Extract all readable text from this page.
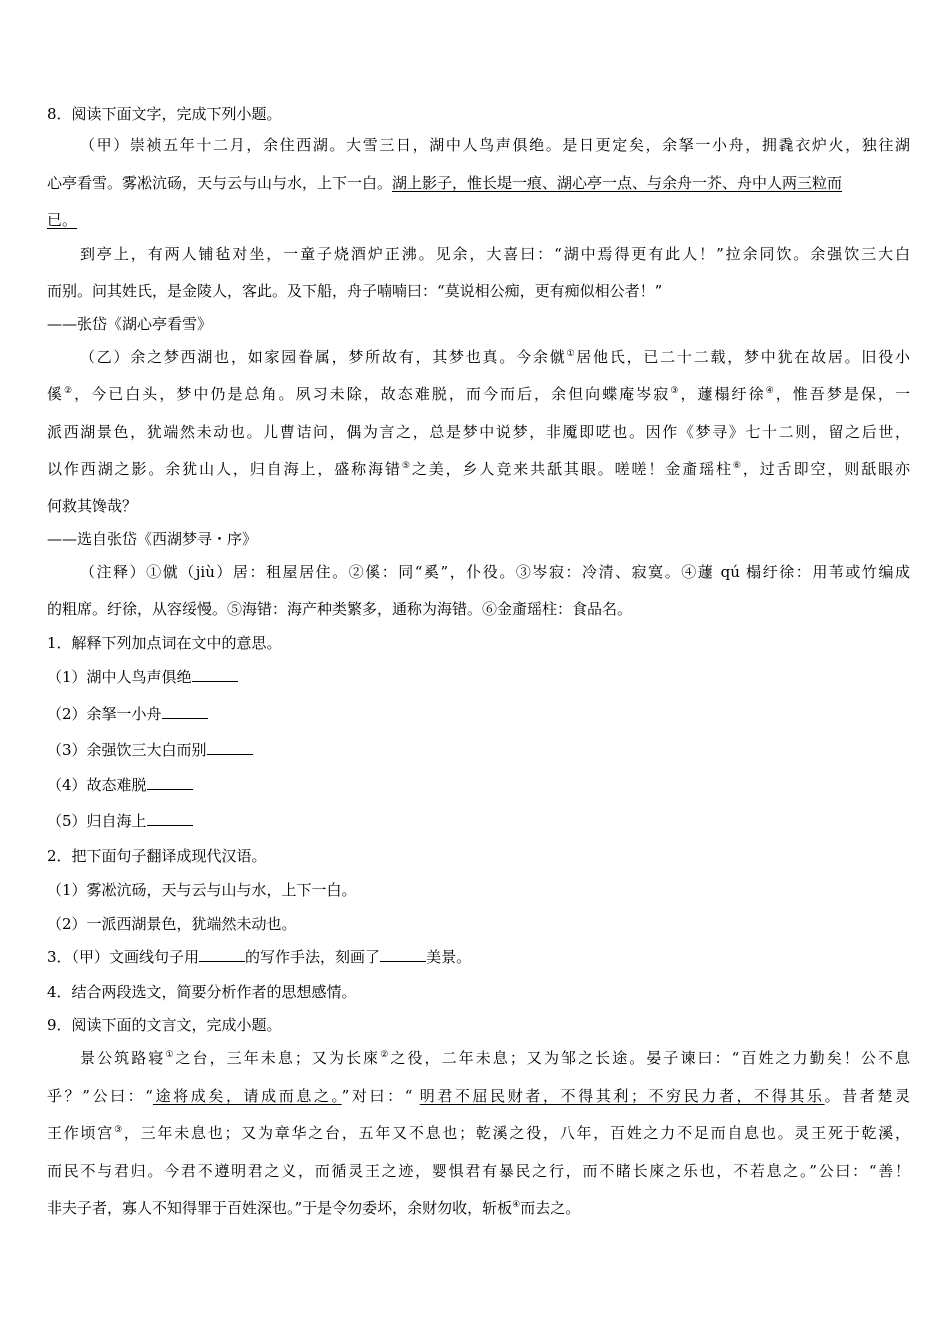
8．阅读下面文字，完成下列小题。
（甲）崇祯五年十二月，余住西湖。大雪三日，湖中人鸟声俱绝。是日更定矣，余拏一小舟，拥毳衣炉火，独往湖
心亭看雪。雾凇沆砀，天与云与山与水，上下一白。湖上影子，惟长堤一痕、湖心亭一点、与余舟一芥、舟中人两三粒而
已。
到亭上，有两人铺毡对坐，一童子烧酒炉正沸。见余，大喜曰：“湖中焉得更有此人！”拉余同饮。余强饮三大白
而别。问其姓氏，是金陵人，客此。及下船，舟子喃喃曰：“莫说相公痴，更有痴似相公者！”
——张岱《湖心亭看雪》
（乙）余之梦西湖也，如家园眷属，梦所故有，其梦也真。今余僦①居他氏，已二十二载，梦中犹在故居。旧役小
傒②，今已白头，梦中仍是总角。夙习未除，故态难脱，而今而后，余但向蝶庵岑寂③，蘧榻纡徐④，惟吾梦是保，一
派西湖景色，犹端然未动也。儿曹诘问，偶为言之，总是梦中说梦，非魇即呓也。因作《梦寻》七十二则，留之后世，
以作西湖之影。余犹山人，归自海上，盛称海错⑤之美，乡人竞来共舐其眼。嗟嗟！金齑瑶柱⑥，过舌即空，则舐眼亦
何救其馋哉？
——选自张岱《西湖梦寻・序》
（注释）①僦（jiù）居：租屋居住。②傒：同“奚”，仆役。③岑寂：冷清、寂寞。④蘧 qú 榻纡徐：用苇或竹编成
的粗席。纡徐，从容绥慢。⑤海错：海产种类繁多，通称为海错。⑥金齑瑶柱：食品名。
1．解释下列加点词在文中的意思。
（1）湖中人鸟声俱绝
（2）余拏一小舟
（3）余强饮三大白而别
（4）故态难脱
（5）归自海上
2．把下面句子翻译成现代汉语。
（1）雾凇沆砀，天与云与山与水，上下一白。
（2）一派西湖景色，犹端然未动也。
3．（甲）文画线句子用	的写作手法，刻画了	美景。
4．结合两段选文，简要分析作者的思想感情。
9．阅读下面的文言文，完成小题。
景公筑路寝①之台，三年未息；又为长庲②之役，二年未息；又为邹之长途。晏子谏曰：“百姓之力勤矣！公不息
乎？”公曰：“途将成矣，请成而息之。”对曰：“ 明君不屈民财者，不得其利；不穷民力者，不得其乐。昔者楚灵
王作顷宫③，三年未息也；又为章华之台，五年又不息也；乾溪之役，八年，百姓之力不足而自息也。灵王死于乾溪，
而民不与君归。今君不遵明君之义，而循灵王之迹，婴惧君有暴民之行，而不睹长庲之乐也，不若息之。”公曰：“善！
非夫子者，寡人不知得罪于百姓深也。”于是令勿委坏，余财勿收，斩板④而去之。
